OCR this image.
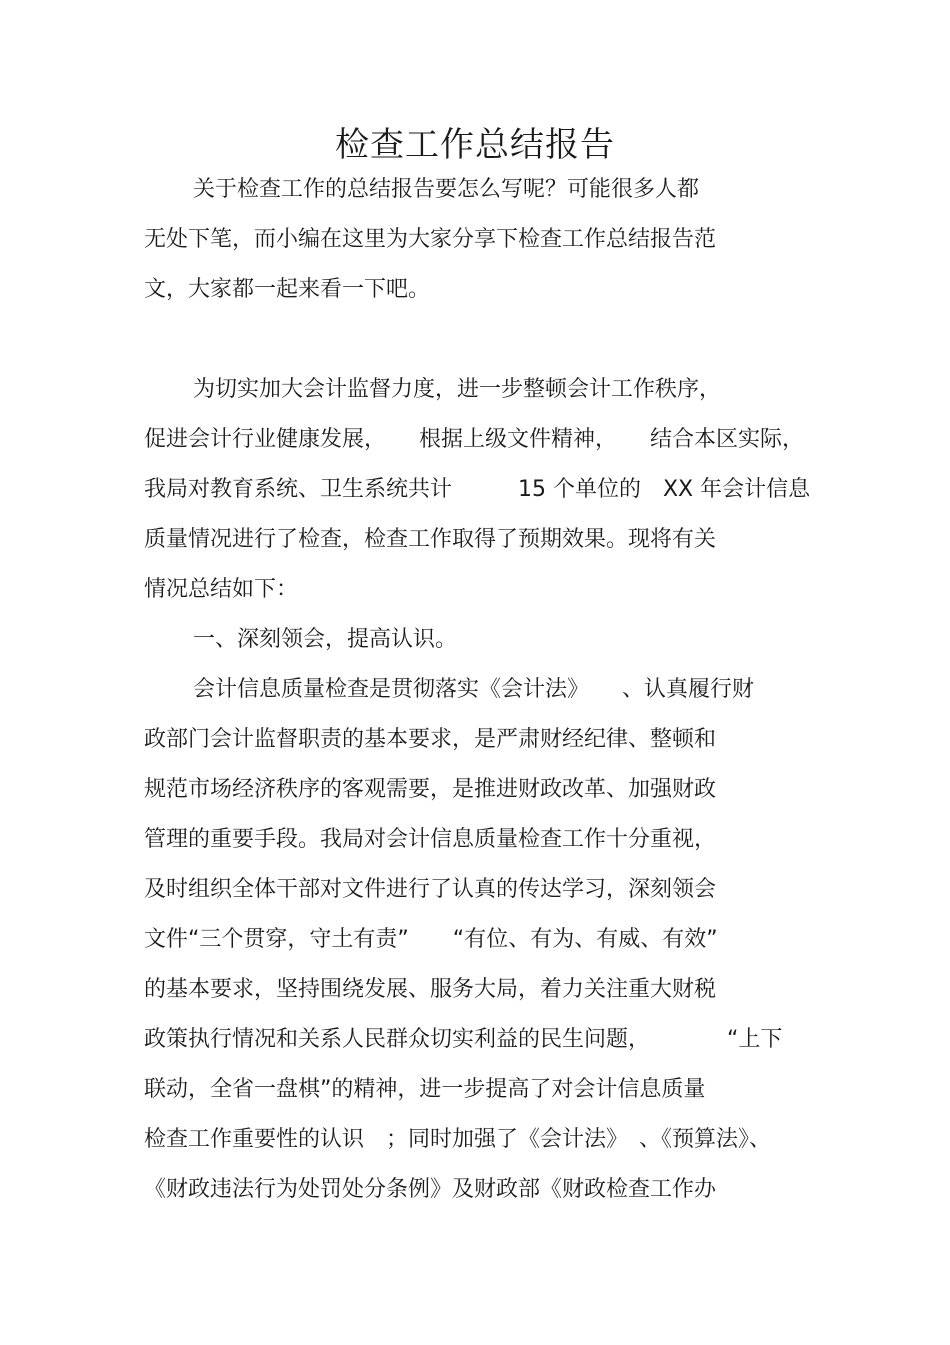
检查工作总结报告
关于检查工作的总结报告要怎么写呢？可能很多人都
无处下笔，而小编在这里为大家分享下检查工作总结报告范
文，大家都一起来看一下吧。
为切实加大会计监督力度，进一步整顿会计工作秩序，
促进会计行业健康发展，　　根据上级文件精神，　　结合本区实际，
我局对教育系统、卫生系统共计　　　15 个单位的　XX 年会计信息
质量情况进行了检查，检查工作取得了预期效果。现将有关
情况总结如下：
一、深刻领会，提高认识。
会计信息质量检查是贯彻落实《会计法》　　、认真履行财
政部门会计监督职责的基本要求，是严肃财经纪律、整顿和
规范市场经济秩序的客观需要，是推进财政改革、加强财政
管理的重要手段。我局对会计信息质量检查工作十分重视，
及时组织全体干部对文件进行了认真的传达学习，深刻领会
文件“三个贯穿，守土有责”　　“有位、有为、有威、有效”
的基本要求，坚持围绕发展、服务大局，着力关注重大财税
政策执行情况和关系人民群众切实利益的民生问题，　　　　“上下
联动，全省一盘棋”的精神，进一步提高了对会计信息质量
检查工作重要性的认识　；同时加强了《会计法》　、《预算法》、
《财政违法行为处罚处分条例》及财政部《财政检查工作办
